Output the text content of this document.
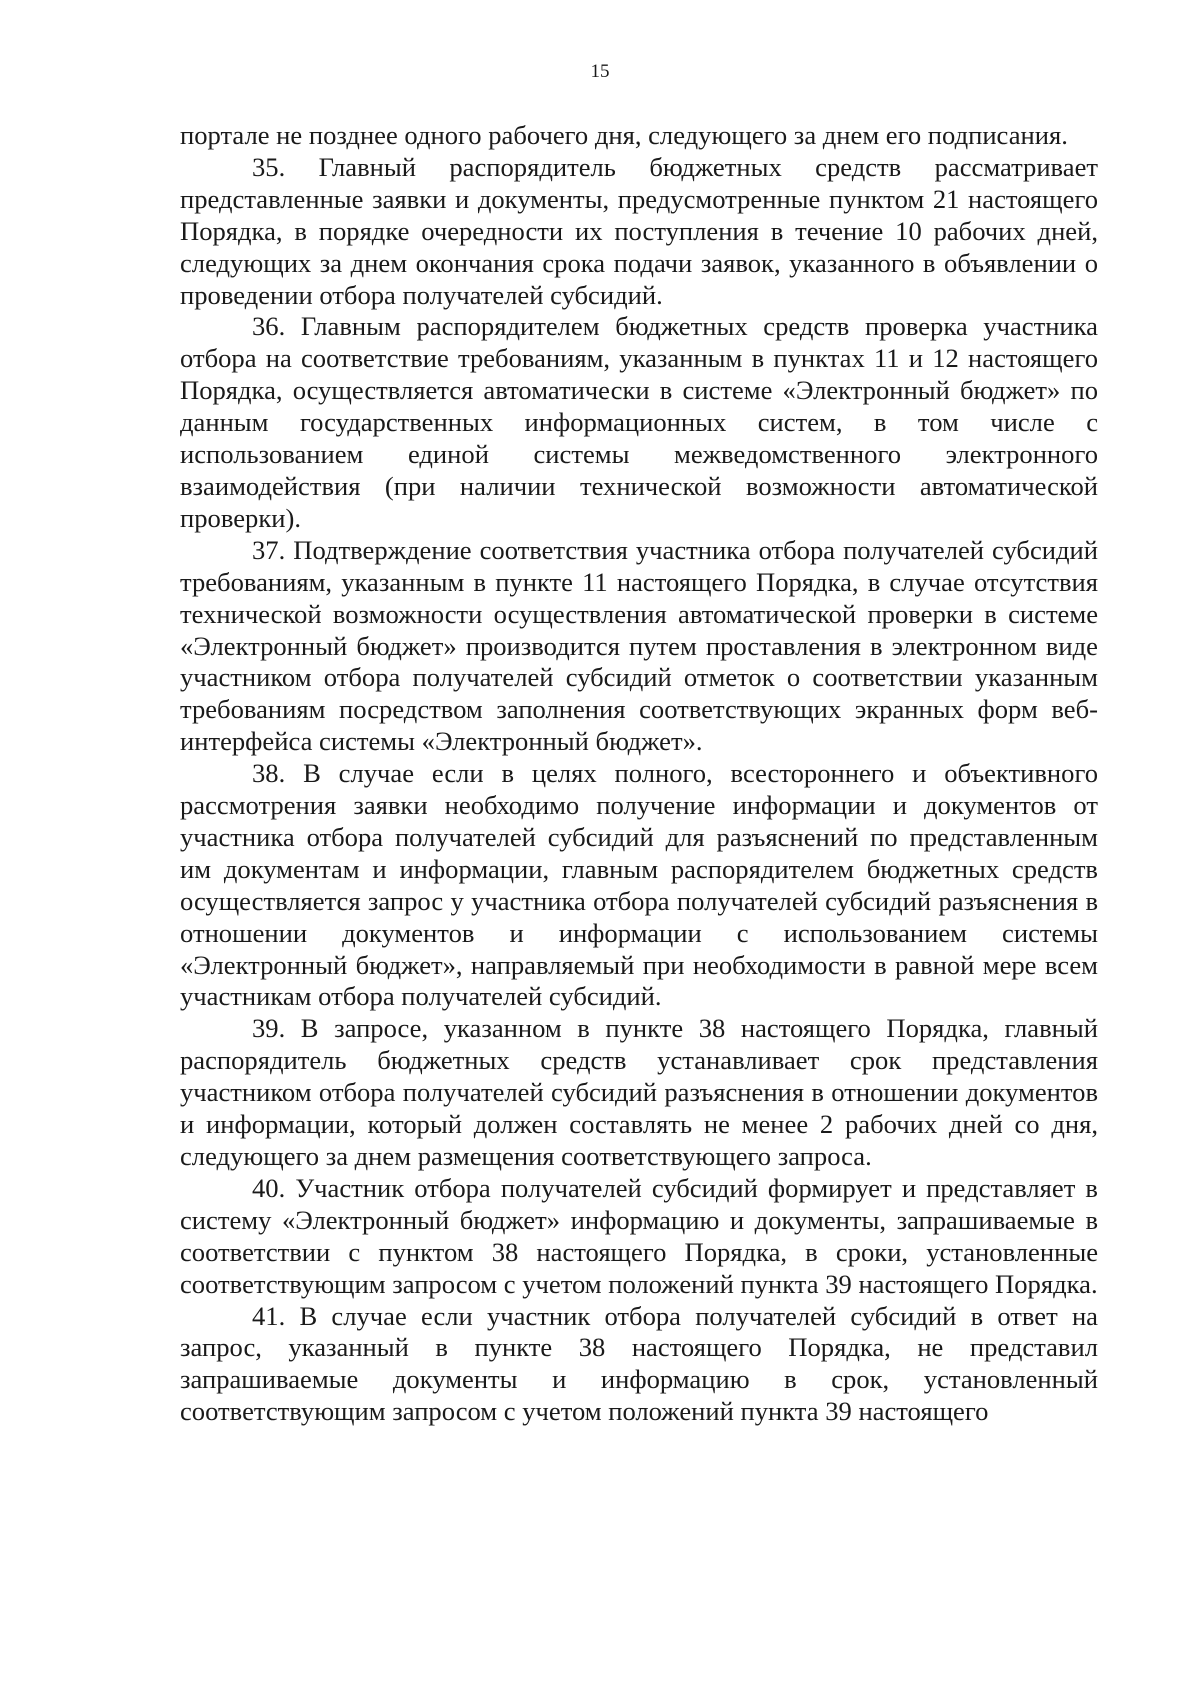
15

портале не позднее одного рабочего дня, следующего за днем его подписания.

35. Главный распорядитель бюджетных средств рассматривает представленные заявки и документы, предусмотренные пунктом 21 настоящего Порядка, в порядке очередности их поступления в течение 10 рабочих дней, следующих за днем окончания срока подачи заявок, указанного в объявлении о проведении отбора получателей субсидий.

36. Главным распорядителем бюджетных средств проверка участника отбора на соответствие требованиям, указанным в пунктах 11 и 12 настоящего Порядка, осуществляется автоматически в системе «Электронный бюджет» по данным государственных информационных систем, в том числе с использованием единой системы межведомственного электронного взаимодействия (при наличии технической возможности автоматической проверки).

37. Подтверждение соответствия участника отбора получателей субсидий требованиям, указанным в пункте 11 настоящего Порядка, в случае отсутствия технической возможности осуществления автоматической проверки в системе «Электронный бюджет» производится путем проставления в электронном виде участником отбора получателей субсидий отметок о соответствии указанным требованиям посредством заполнения соответствующих экранных форм веб-интерфейса системы «Электронный бюджет».

38. В случае если в целях полного, всестороннего и объективного рассмотрения заявки необходимо получение информации и документов от участника отбора получателей субсидий для разъяснений по представленным им документам и информации, главным распорядителем бюджетных средств осуществляется запрос у участника отбора получателей субсидий разъяснения в отношении документов и информации с использованием системы «Электронный бюджет», направляемый при необходимости в равной мере всем участникам отбора получателей субсидий.

39. В запросе, указанном в пункте 38 настоящего Порядка, главный распорядитель бюджетных средств устанавливает срок представления участником отбора получателей субсидий разъяснения в отношении документов и информации, который должен составлять не менее 2 рабочих дней со дня, следующего за днем размещения соответствующего запроса.

40. Участник отбора получателей субсидий формирует и представляет в систему «Электронный бюджет» информацию и документы, запрашиваемые в соответствии с пунктом 38 настоящего Порядка, в сроки, установленные соответствующим запросом с учетом положений пункта 39 настоящего Порядка.

41. В случае если участник отбора получателей субсидий в ответ на запрос, указанный в пункте 38 настоящего Порядка, не представил запрашиваемые документы и информацию в срок, установленный соответствующим запросом с учетом положений пункта 39 настоящего
